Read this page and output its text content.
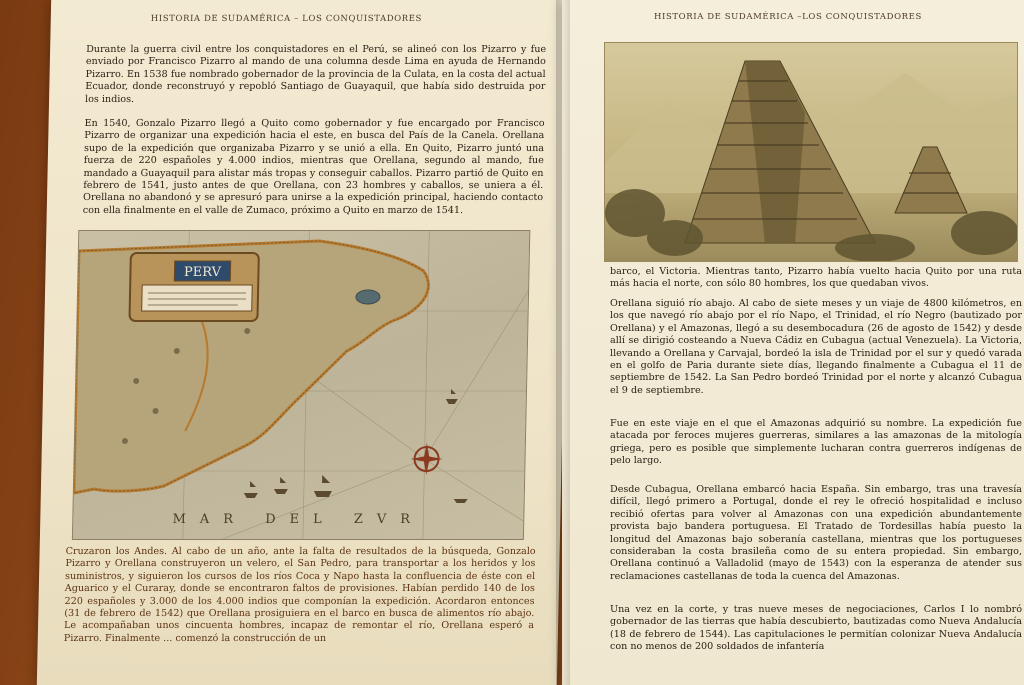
HISTORIA DE SUDAMÉRICA – LOS CONQUISTADORES

Durante la guerra civil entre los conquistadores en el Perú, se alineó con los Pizarro y fue enviado por Francisco Pizarro al mando de una columna desde Lima en ayuda de Hernando Pizarro. En 1538 fue nombrado gobernador de la provincia de la Culata, en la costa del actual Ecuador, donde reconstruyó y repobló Santiago de Guayaquil, que había sido destruida por los indios.

En 1540, Gonzalo Pizarro llegó a Quito como gobernador y fue encargado por Francisco Pizarro de organizar una expedición hacia el este, en busca del País de la Canela. Orellana supo de la expedición que organizaba Pizarro y se unió a ella. En Quito, Pizarro juntó una fuerza de 220 españoles y 4.000 indios, mientras que Orellana, segundo al mando, fue mandado a Guayaquil para alistar más tropas y conseguir caballos. Pizarro partió de Quito en febrero de 1541, justo antes de que Orellana, con 23 hombres y caballos, se uniera a él. Orellana no abandonó y se apresuró para unirse a la expedición principal, haciendo contacto con ella finalmente en el valle de Zumaco, próximo a Quito en marzo de 1541.

PERV
MAR DEL ZVR

Cruzaron los Andes. Al cabo de un año, ante la falta de resultados de la búsqueda, Gonzalo Pizarro y Orellana construyeron un velero, el San Pedro, para transportar a los heridos y los suministros, y siguieron los cursos de los ríos Coca y Napo hasta la confluencia de éste con el Aguarico y el Curaray, donde se encontraron faltos de provisiones. Habían perdido 140 de los 220 españoles y 3.000 de los 4.000 indios que componían la expedición. Acordaron entonces (31 de febrero de 1542) que Orellana prosiguiera en el barco en busca de alimentos río abajo. Le acompañaban unos cincuenta hombres, incapaz de remontar el río, Orellana esperó a Pizarro. Finalmente ... comenzó la construcción de un

HISTORIA DE SUDAMÉRICA –LOS CONQUISTADORES

barco, el Victoria. Mientras tanto, Pizarro había vuelto hacia Quito por una ruta más hacia el norte, con sólo 80 hombres, los que quedaban vivos.

Orellana siguió río abajo. Al cabo de siete meses y un viaje de 4800 kilómetros, en los que navegó río abajo por el río Napo, el Trinidad, el río Negro (bautizado por Orellana) y el Amazonas, llegó a su desembocadura (26 de agosto de 1542) y desde allí se dirigió costeando a Nueva Cádiz en Cubagua (actual Venezuela). La Victoria, llevando a Orellana y Carvajal, bordeó la isla de Trinidad por el sur y quedó varada en el golfo de Paria durante siete días, llegando finalmente a Cubagua el 11 de septiembre de 1542. La San Pedro bordeó Trinidad por el norte y alcanzó Cubagua el 9 de septiembre.

Fue en este viaje en el que el Amazonas adquirió su nombre. La expedición fue atacada por feroces mujeres guerreras, similares a las amazonas de la mitología griega, pero es posible que simplemente lucharan contra guerreros indígenas de pelo largo.

Desde Cubagua, Orellana embarcó hacia España. Sin embargo, tras una travesía difícil, llegó primero a Portugal, donde el rey le ofreció hospitalidad e incluso recibió ofertas para volver al Amazonas con una expedición abundantemente provista bajo bandera portuguesa. El Tratado de Tordesillas había puesto la longitud del Amazonas bajo soberanía castellana, mientras que los portugueses consideraban la costa brasileña como de su entera propiedad. Sin embargo, Orellana continuó a Valladolid (mayo de 1543) con la esperanza de atender sus reclamaciones castellanas de toda la cuenca del Amazonas.

Una vez en la corte, y tras nueve meses de negociaciones, Carlos I lo nombró gobernador de las tierras que había descubierto, bautizadas como Nueva Andalucía (18 de febrero de 1544). Las capitulaciones le permitían colonizar Nueva Andalucía con no menos de 200 soldados de infantería
